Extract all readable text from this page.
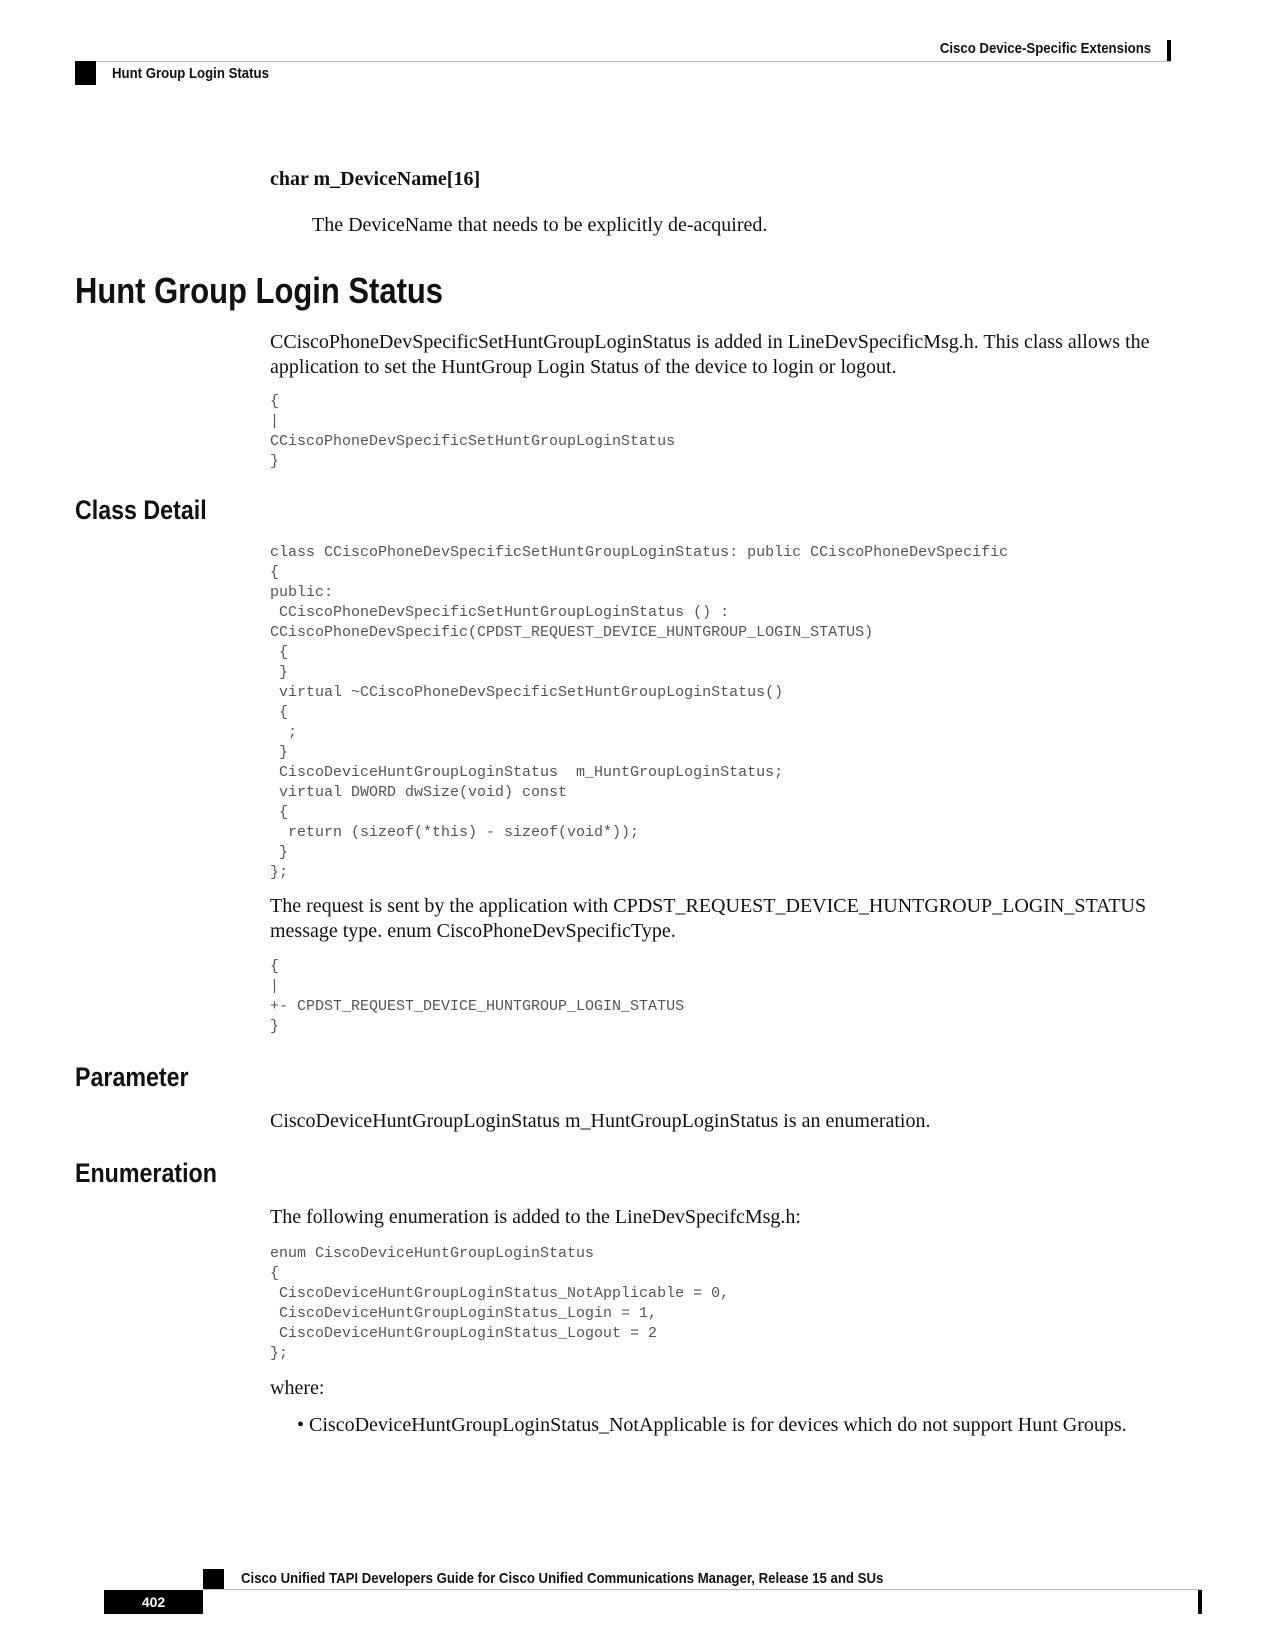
Cisco Device-Specific Extensions
Hunt Group Login Status
char m_DeviceName[16]
The DeviceName that needs to be explicitly de-acquired.
Hunt Group Login Status
CCiscoPhoneDevSpecificSetHuntGroupLoginStatus is added in LineDevSpecificMsg.h. This class allows the application to set the HuntGroup Login Status of the device to login or logout.
{
|
CCiscoPhoneDevSpecificSetHuntGroupLoginStatus
}
Class Detail
class CCiscoPhoneDevSpecificSetHuntGroupLoginStatus: public CCiscoPhoneDevSpecific
{
public:
CCiscoPhoneDevSpecificSetHuntGroupLoginStatus () :
CCiscoPhoneDevSpecific(CPDST_REQUEST_DEVICE_HUNTGROUP_LOGIN_STATUS)
{
}
virtual ~CCiscoPhoneDevSpecificSetHuntGroupLoginStatus()
{
;
}
CiscoDeviceHuntGroupLoginStatus  m_HuntGroupLoginStatus;
virtual DWORD dwSize(void) const
{
return (sizeof(*this) - sizeof(void*));
}
};
The request is sent by the application with CPDST_REQUEST_DEVICE_HUNTGROUP_LOGIN_STATUS message type. enum CiscoPhoneDevSpecificType.
{
|
+- CPDST_REQUEST_DEVICE_HUNTGROUP_LOGIN_STATUS
}
Parameter
CiscoDeviceHuntGroupLoginStatus m_HuntGroupLoginStatus is an enumeration.
Enumeration
The following enumeration is added to the LineDevSpecifcMsg.h:
enum CiscoDeviceHuntGroupLoginStatus
{
CiscoDeviceHuntGroupLoginStatus_NotApplicable = 0,
CiscoDeviceHuntGroupLoginStatus_Login = 1,
CiscoDeviceHuntGroupLoginStatus_Logout = 2
};
where:
• CiscoDeviceHuntGroupLoginStatus_NotApplicable is for devices which do not support Hunt Groups.
Cisco Unified TAPI Developers Guide for Cisco Unified Communications Manager, Release 15 and SUs
402
